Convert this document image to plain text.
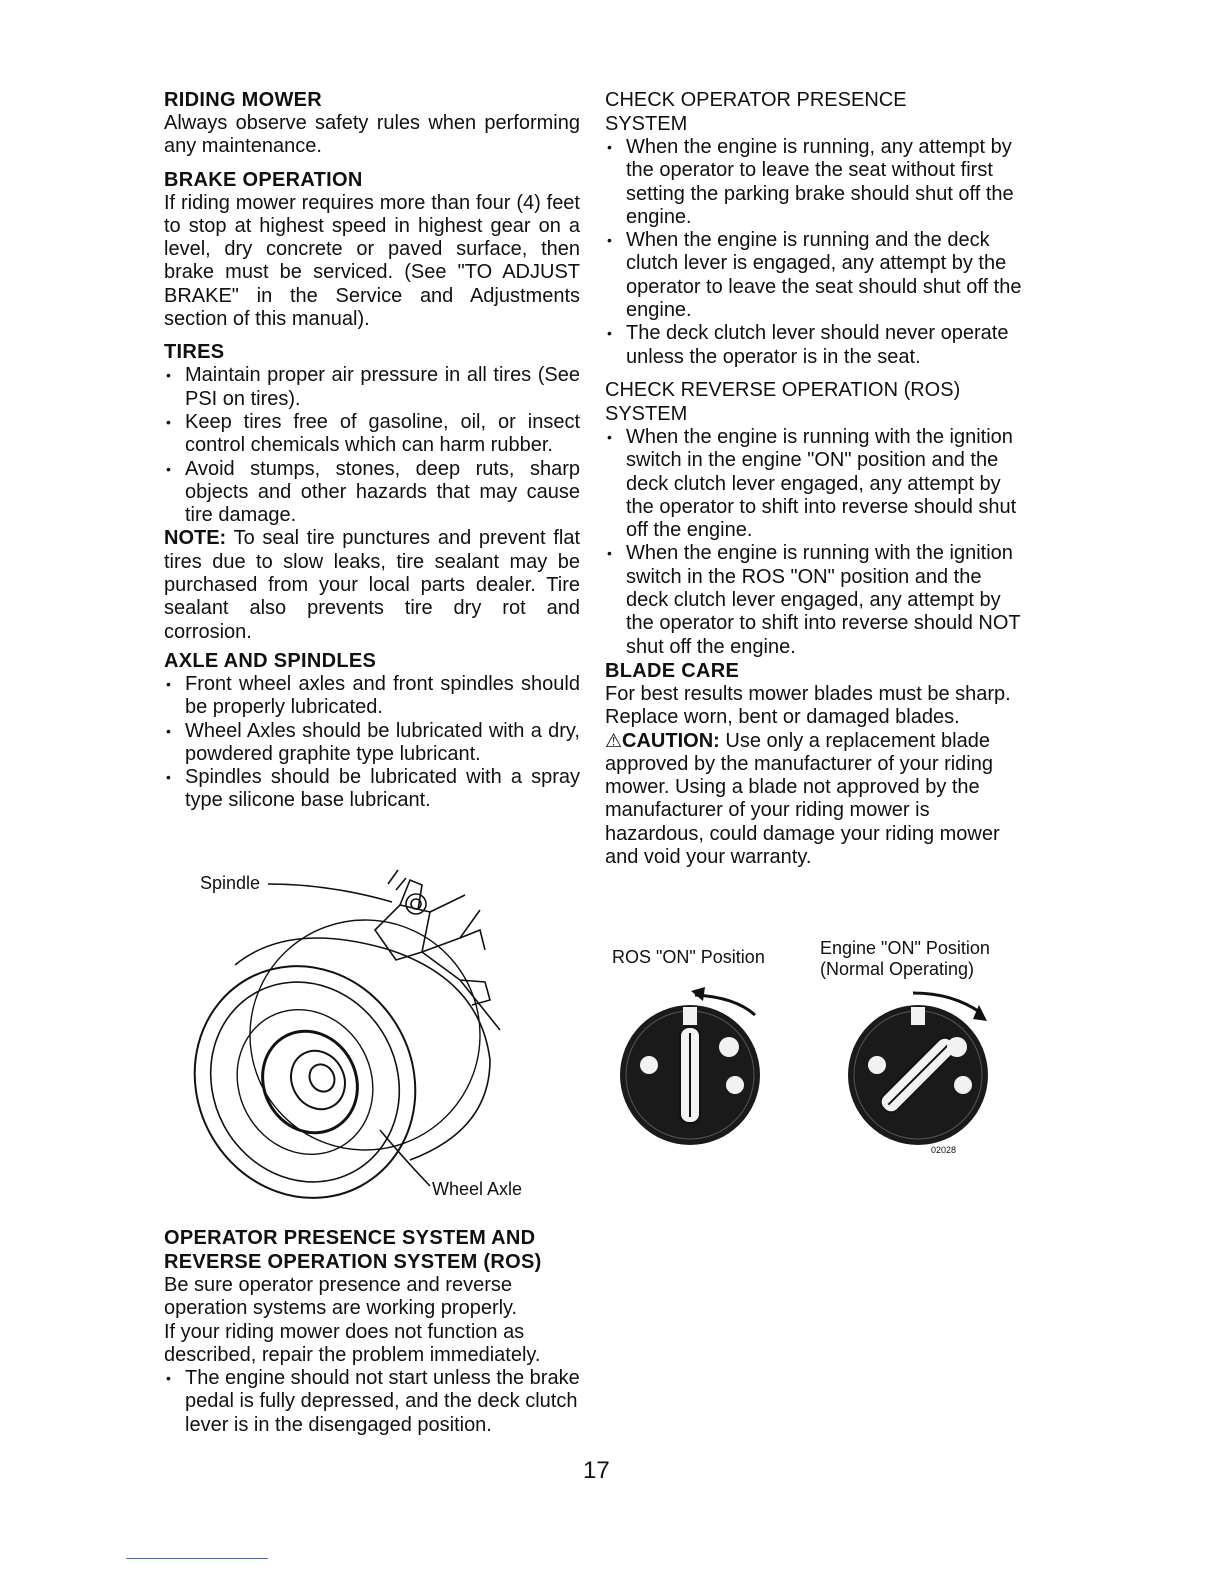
RIDING MOWER

Always observe safety rules when performing any maintenance.

BRAKE OPERATION

If riding mower requires more than four (4) feet to stop at highest speed in highest gear on a level, dry concrete or paved surface, then brake must be serviced. (See "TO ADJUST BRAKE" in the Service and Adjustments section of this manual).

TIRES
• Maintain proper air pressure in all tires (See PSI on tires).
• Keep tires free of gasoline, oil, or insect control chemicals which can harm rubber.
• Avoid stumps, stones, deep ruts, sharp objects and other hazards that may cause tire damage.

NOTE: To seal tire punctures and prevent flat tires due to slow leaks, tire sealant may be purchased from your local parts dealer. Tire sealant also prevents tire dry rot and corrosion.

AXLE AND SPINDLES
• Front wheel axles and front spindles should be properly lubricated.
• Wheel Axles should be lubricated with a dry, powdered graphite type lubricant.
• Spindles should be lubricated with a spray type silicone base lubricant.
Spindle
Wheel Axle
OPERATOR PRESENCE SYSTEM AND
REVERSE OPERATION SYSTEM (ROS)

Be sure operator presence and reverse operation systems are working properly.

If your riding mower does not function as described, repair the problem immediately.

• The engine should not start unless the brake pedal is fully depressed, and the deck clutch lever is in the disengaged position.
CHECK OPERATOR PRESENCE
SYSTEM
• When the engine is running, any attempt by the operator to leave the seat without first setting the parking brake should shut off the engine.
• When the engine is running and the deck clutch lever is engaged, any attempt by the operator to leave the seat should shut off the engine.
• The deck clutch lever should never operate unless the operator is in the seat.
CHECK REVERSE OPERATION (ROS)
SYSTEM
• When the engine is running with the ignition switch in the engine "ON" position and the deck clutch lever engaged, any attempt by the operator to shift into reverse should shut off the engine.
• When the engine is running with the ignition switch in the ROS "ON" position and the deck clutch lever engaged, any attempt by the operator to shift into reverse should NOT shut off the engine.
BLADE CARE

For best results mower blades must be sharp. Replace worn, bent or damaged blades.

⚠CAUTION: Use only a replacement blade approved by the manufacturer of your riding mower. Using a blade not approved by the manufacturer of your riding mower is hazardous, could damage your riding mower and void your warranty.

ROS "ON" Position	Engine "ON" Position
(Normal Operating)
02028
17
